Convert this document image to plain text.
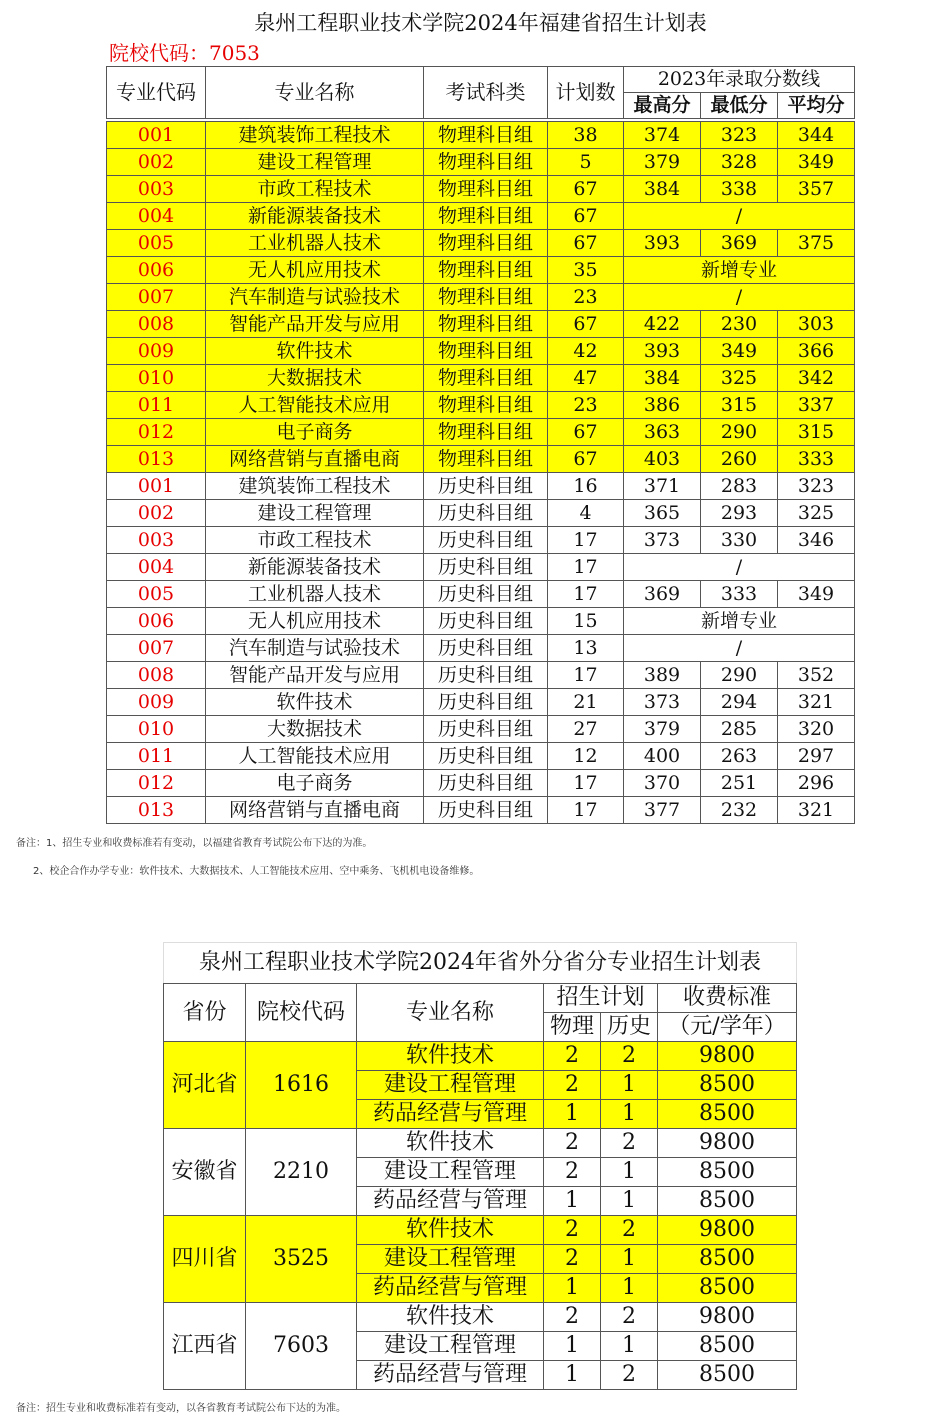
泉州工程职业技术学院2024年福建省招生计划表
院校代码：7053
专业代码	专业名称	考试科类	计划数	2023年录取分数线		
				最高分	最低分	平均分

001	建筑装饰工程技术	物理科目组	38	374	323	344
002	建设工程管理	物理科目组	5	379	328	349
003	市政工程技术	物理科目组	67	384	338	357
004	新能源装备技术	物理科目组	67	/		
005	工业机器人技术	物理科目组	67	393	369	375
006	无人机应用技术	物理科目组	35	新增专业		
007	汽车制造与试验技术	物理科目组	23	/		
008	智能产品开发与应用	物理科目组	67	422	230	303
009	软件技术	物理科目组	42	393	349	366
010	大数据技术	物理科目组	47	384	325	342
011	人工智能技术应用	物理科目组	23	386	315	337
012	电子商务	物理科目组	67	363	290	315
013	网络营销与直播电商	物理科目组	67	403	260	333
001	建筑装饰工程技术	历史科目组	16	371	283	323
002	建设工程管理	历史科目组	4	365	293	325
003	市政工程技术	历史科目组	17	373	330	346
004	新能源装备技术	历史科目组	17	/		
005	工业机器人技术	历史科目组	17	369	333	349
006	无人机应用技术	历史科目组	15	新增专业		
007	汽车制造与试验技术	历史科目组	13	/		
008	智能产品开发与应用	历史科目组	17	389	290	352
009	软件技术	历史科目组	21	373	294	321
010	大数据技术	历史科目组	27	379	285	320
011	人工智能技术应用	历史科目组	12	400	263	297
012	电子商务	历史科目组	17	370	251	296
013	网络营销与直播电商	历史科目组	17	377	232	321
备注：1、招生专业和收费标准若有变动，以福建省教育考试院公布下达的为准。
2、校企合作办学专业：软件技术、大数据技术、人工智能技术应用、空中乘务、飞机机电设备维修。
泉州工程职业技术学院2024年省外分省分专业招生计划表
省份	院校代码	专业名称	招生计划		收费标准
			物理	历史	（元/学年）
河北省	1616	软件技术	2	2	9800
		建设工程管理	2	1	8500
		药品经营与管理	1	1	8500
安徽省	2210	软件技术	2	2	9800
		建设工程管理	2	1	8500
		药品经营与管理	1	1	8500
四川省	3525	软件技术	2	2	9800
		建设工程管理	2	1	8500
		药品经营与管理	1	1	8500
江西省	7603	软件技术	2	2	9800
		建设工程管理	1	1	8500
		药品经营与管理	1	2	8500
备注：招生专业和收费标准若有变动，以各省教育考试院公布下达的为准。
